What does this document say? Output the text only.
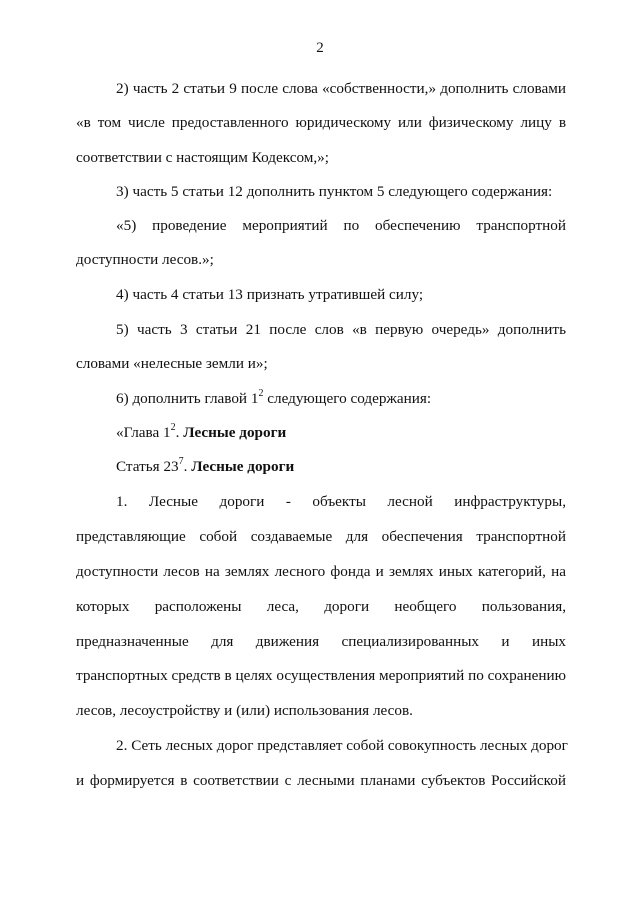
2
2) часть 2 статьи 9 после слова «собственности,» дополнить словами
«в том числе предоставленного юридическому или физическому лицу в
соответствии с настоящим Кодексом,»;
3) часть 5 статьи 12 дополнить пунктом 5 следующего содержания:
«5) проведение мероприятий по обеспечению транспортной
доступности лесов.»;
4) часть 4 статьи 13 признать утратившей силу;
5) часть 3 статьи 21 после слов «в первую очередь» дополнить
словами «нелесные земли и»;
6) дополнить главой $1^2$ следующего содержания:
«Глава $1^2$. Лесные дороги
Статья $23^7$. Лесные дороги
1. Лесные дороги - объекты лесной инфраструктуры,
представляющие собой создаваемые для обеспечения транспортной
доступности лесов на землях лесного фонда и землях иных категорий, на
которых расположены леса, дороги необщего пользования,
предназначенные для движения специализированных и иных
транспортных средств в целях осуществления мероприятий по сохранению
лесов, лесоустройству и (или) использования лесов.
2. Сеть лесных дорог представляет собой совокупность лесных дорог
и формируется в соответствии с лесными планами субъектов Российской
